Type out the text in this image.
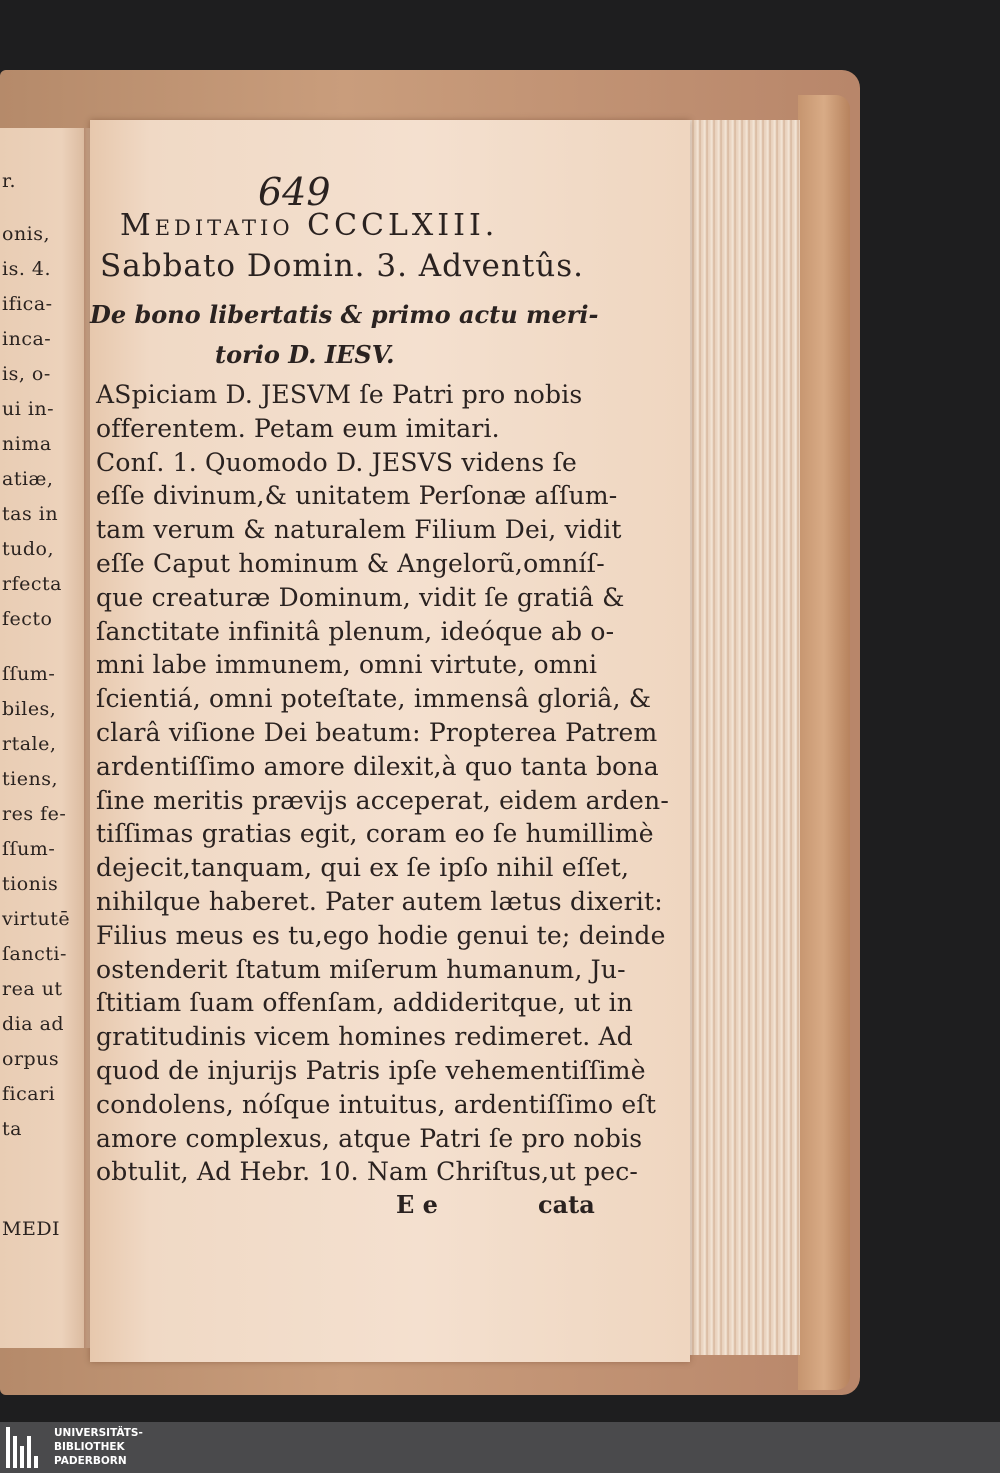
r.
onis,
is. 4.
ifica-
inca-
is, o-
ui in-
nima
atiæ,
tas in
tudo,
rfecta
fecto
ſſum-
biles,
rtale,
tiens,
res fe-
ſſum-
tionis
virtutē
ſancti-
rea ut
dia ad
orpus
ficari
ta
MEDI
649
Meditatio CCCLXIII.
Sabbato Domin. 3. Adventûs.
De bono libertatis & primo actu meri-
torio D. IESV.
ASpiciam D. JESVM ſe Patri pro nobis
offerentem. Petam eum imitari.
Conſ. 1. Quomodo D. JESVS videns ſe
eſſe divinum,& unitatem Perſonæ aſſum-
tam verum & naturalem Filium Dei, vidit
eſſe Caput hominum & Angelorũ,omníſ-
que creaturæ Dominum, vidit ſe gratiâ &
ſanctitate infinitâ plenum, ideóque ab o-
mni labe immunem, omni virtute, omni
ſcientiá, omni poteſtate, immensâ gloriâ, &
clarâ viſione Dei beatum: Propterea Patrem
ardentiſſimo amore dilexit,à quo tanta bona
ſine meritis prævijs acceperat, eidem arden-
tiſſimas gratias egit, coram eo ſe humillimè
dejecit,tanquam, qui ex ſe ipſo nihil eſſet,
nihilque haberet. Pater autem lætus dixerit:
Filius meus es tu,ego hodie genui te; deinde
ostenderit ſtatum miſerum humanum, Ju-
ſtitiam ſuam offenſam, addideritque, ut in
gratitudinis vicem homines redimeret. Ad
quod de injurijs Patris ipſe vehementiſſimè
condolens, nóſque intuitus, ardentiſſimo eſt
amore complexus, atque Patri ſe pro nobis
obtulit, Ad Hebr. 10. Nam Chriſtus,ut pec-
E e	cata
UNIVERSITÄTS-
BIBLIOTHEK
PADERBORN
